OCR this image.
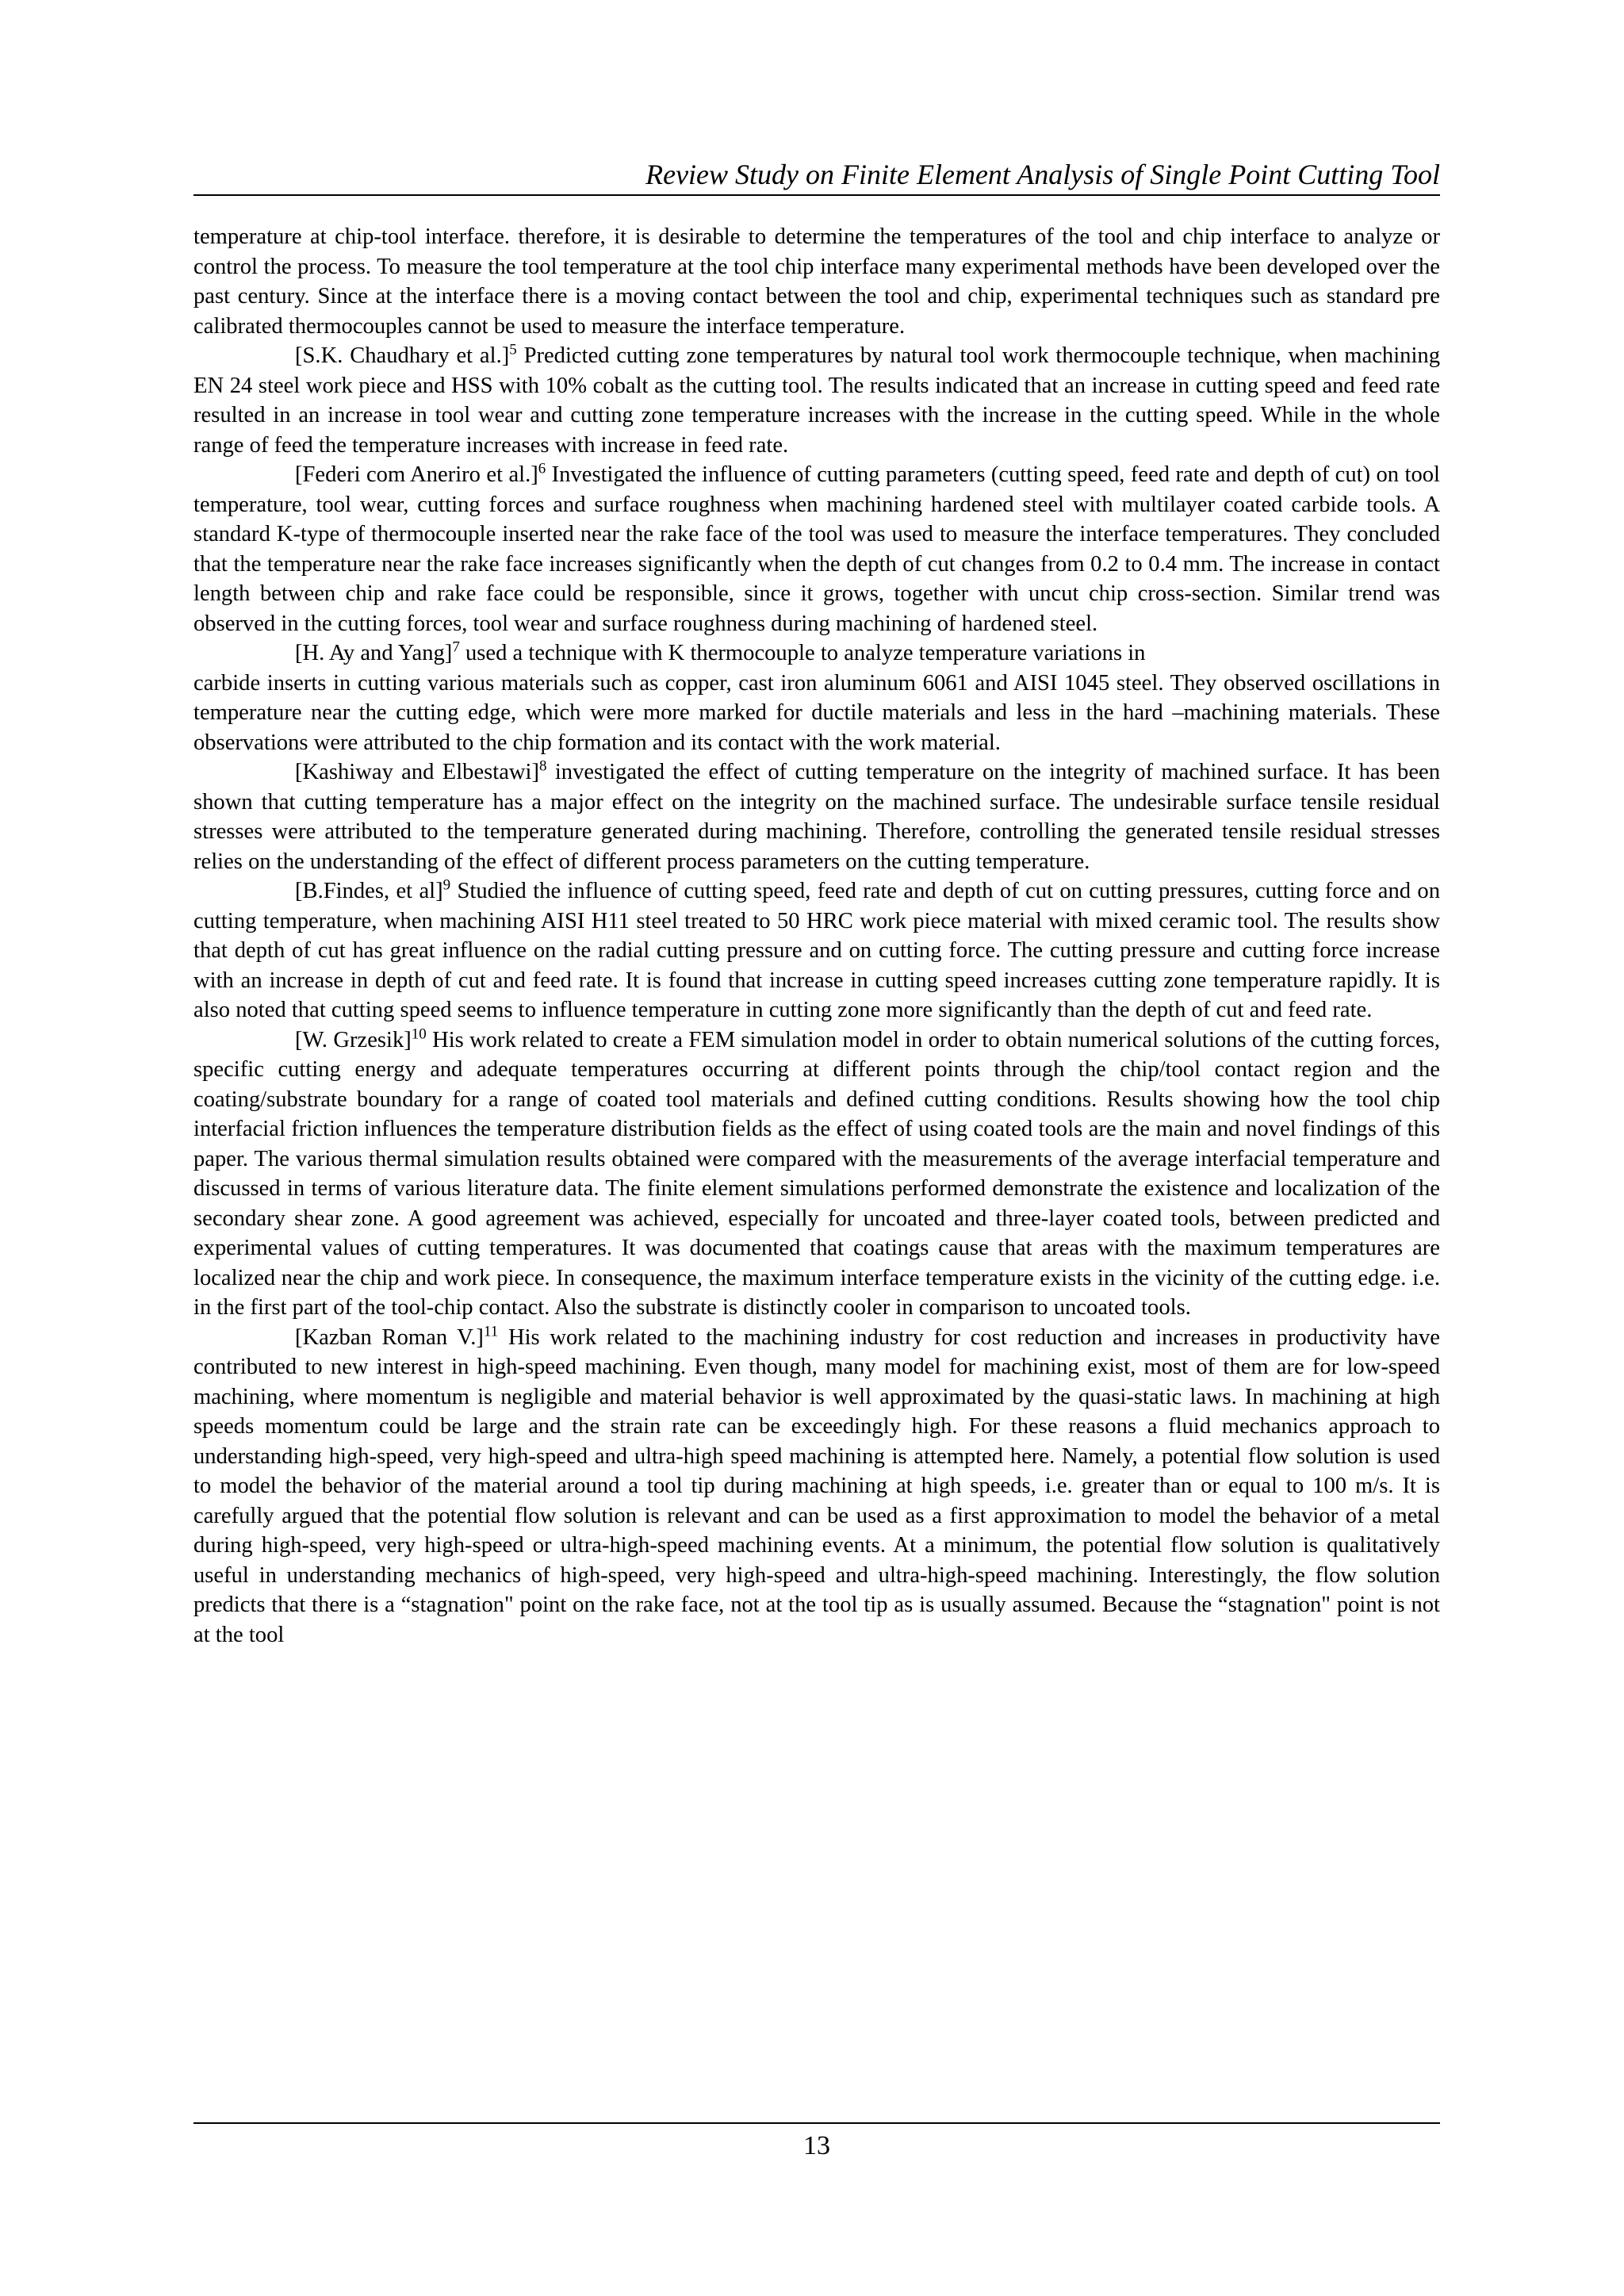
Review Study on Finite Element Analysis of Single Point Cutting Tool

temperature at chip-tool interface. therefore, it is desirable to determine the temperatures of the tool and chip interface to analyze or control the process. To measure the tool temperature at the tool chip interface many experimental methods have been developed over the past century. Since at the interface there is a moving contact between the tool and chip, experimental techniques such as standard pre calibrated thermocouples cannot be used to measure the interface temperature.

[S.K. Chaudhary et al.]$^5$ Predicted cutting zone temperatures by natural tool work thermocouple technique, when machining EN 24 steel work piece and HSS with 10% cobalt as the cutting tool. The results indicated that an increase in cutting speed and feed rate resulted in an increase in tool wear and cutting zone temperature increases with the increase in the cutting speed. While in the whole range of feed the temperature increases with increase in feed rate.

[Federi com Aneriro et al.]$^6$ Investigated the influence of cutting parameters (cutting speed, feed rate and depth of cut) on tool temperature, tool wear, cutting forces and surface roughness when machining hardened steel with multilayer coated carbide tools. A standard K-type of thermocouple inserted near the rake face of the tool was used to measure the interface temperatures. They concluded that the temperature near the rake face increases significantly when the depth of cut changes from 0.2 to 0.4 mm. The increase in contact length between chip and rake face could be responsible, since it grows, together with uncut chip cross-section. Similar trend was observed in the cutting forces, tool wear and surface roughness during machining of hardened steel.

[H. Ay and Yang]$^7$ used a technique with K thermocouple to analyze temperature variations in

carbide inserts in cutting various materials such as copper, cast iron aluminum 6061 and AISI 1045 steel. They observed oscillations in temperature near the cutting edge, which were more marked for ductile materials and less in the hard –machining materials. These observations were attributed to the chip formation and its contact with the work material.

[Kashiway and Elbestawi]$^8$ investigated the effect of cutting temperature on the integrity of machined surface. It has been shown that cutting temperature has a major effect on the integrity on the machined surface. The undesirable surface tensile residual stresses were attributed to the temperature generated during machining. Therefore, controlling the generated tensile residual stresses relies on the understanding of the effect of different process parameters on the cutting temperature.

[B.Findes, et al]$^9$ Studied the influence of cutting speed, feed rate and depth of cut on cutting pressures, cutting force and on cutting temperature, when machining AISI H11 steel treated to 50 HRC work piece material with mixed ceramic tool. The results show that depth of cut has great influence on the radial cutting pressure and on cutting force. The cutting pressure and cutting force increase with an increase in depth of cut and feed rate. It is found that increase in cutting speed increases cutting zone temperature rapidly. It is also noted that cutting speed seems to influence temperature in cutting zone more significantly than the depth of cut and feed rate.

[W. Grzesik]$^{10}$ His work related to create a FEM simulation model in order to obtain numerical solutions of the cutting forces, specific cutting energy and adequate temperatures occurring at different points through the chip/tool contact region and the coating/substrate boundary for a range of coated tool materials and defined cutting conditions. Results showing how the tool chip interfacial friction influences the temperature distribution fields as the effect of using coated tools are the main and novel findings of this paper. The various thermal simulation results obtained were compared with the measurements of the average interfacial temperature and discussed in terms of various literature data. The finite element simulations performed demonstrate the existence and localization of the secondary shear zone. A good agreement was achieved, especially for uncoated and three-layer coated tools, between predicted and experimental values of cutting temperatures. It was documented that coatings cause that areas with the maximum temperatures are localized near the chip and work piece. In consequence, the maximum interface temperature exists in the vicinity of the cutting edge. i.e. in the first part of the tool-chip contact. Also the substrate is distinctly cooler in comparison to uncoated tools.

[Kazban Roman V.]$^{11}$ His work related to the machining industry for cost reduction and increases in productivity have contributed to new interest in high-speed machining. Even though, many model for machining exist, most of them are for low-speed machining, where momentum is negligible and material behavior is well approximated by the quasi-static laws. In machining at high speeds momentum could be large and the strain rate can be exceedingly high. For these reasons a fluid mechanics approach to understanding high-speed, very high-speed and ultra-high speed machining is attempted here. Namely, a potential flow solution is used to model the behavior of the material around a tool tip during machining at high speeds, i.e. greater than or equal to 100 m/s. It is carefully argued that the potential flow solution is relevant and can be used as a first approximation to model the behavior of a metal during high-speed, very high-speed or ultra-high-speed machining events. At a minimum, the potential flow solution is qualitatively useful in understanding mechanics of high-speed, very high-speed and ultra-high-speed machining. Interestingly, the flow solution predicts that there is a “stagnation" point on the rake face, not at the tool tip as is usually assumed. Because the “stagnation" point is not at the tool

13
